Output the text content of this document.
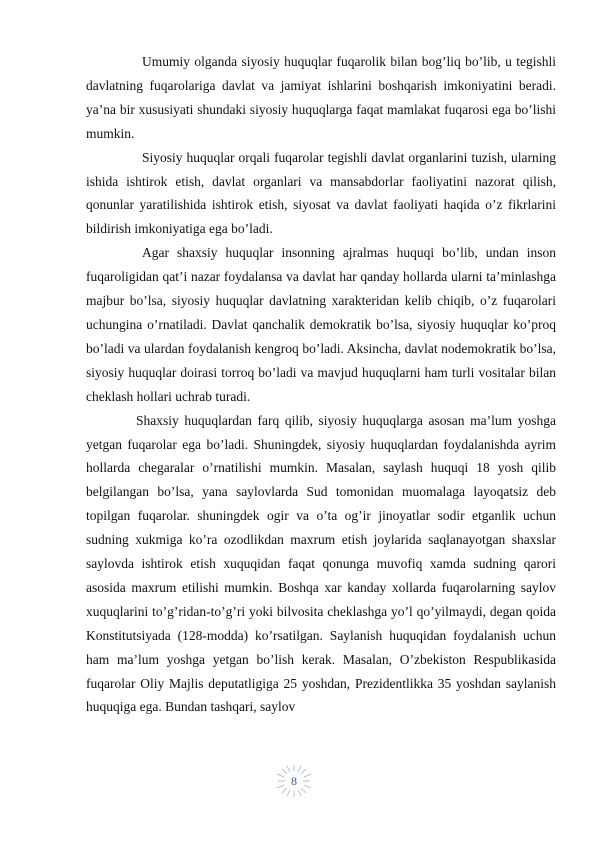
Umumiy olganda siyosiy huquqlar fuqarolik bilan bog’liq bo’lib, u tegishli davlatning fuqarolariga davlat va jamiyat ishlarini boshqarish imkoniyatini beradi. ya’na bir xususiyati shundaki siyosiy huquqlarga faqat mamlakat fuqarosi ega bo’lishi mumkin.

Siyosiy huquqlar orqali fuqarolar tegishli davlat organlarini tuzish, ularning ishida ishtirok etish, davlat organlari va mansabdorlar faoliyatini nazorat qilish, qonunlar yaratilishida ishtirok etish, siyosat va davlat faoliyati haqida o’z fikrlarini bildirish imkoniyatiga ega bo’ladi.

Agar shaxsiy huquqlar insonning ajralmas huquqi bo’lib, undan inson fuqaroligidan qat’i nazar foydalansa va davlat har qanday hollarda ularni ta’minlashga majbur bo’lsa, siyosiy huquqlar davlatning xarakteridan kelib chiqib, o’z fuqarolari uchungina o’rnatiladi. Davlat qanchalik demokratik bo’lsa, siyosiy huquqlar ko’proq bo’ladi va ulardan foydalanish kengroq bo’ladi. Aksincha, davlat nodemokratik bo’lsa, siyosiy huquqlar doirasi torroq bo’ladi va mavjud huquqlarni ham turli vositalar bilan cheklash hollari uchrab turadi.

Shaxsiy huquqlardan farq qilib, siyosiy huquqlarga asosan ma’lum yoshga yetgan fuqarolar ega bo’ladi. Shuningdek, siyosiy huquqlardan foydalanishda ayrim hollarda chegaralar o’rnatilishi mumkin. Masalan, saylash huquqi 18 yosh qilib belgilangan bo’lsa, yana saylovlarda Sud tomonidan muomalaga layoqatsiz deb topilgan fuqarolar. shuningdek ogir va o’ta og’ir jinoyatlar sodir etganlik uchun sudning xukmiga ko’ra ozodlikdan maxrum etish joylarida saqlanayotgan shaxslar saylovda ishtirok etish xuquqidan faqat qonunga muvofiq xamda sudning qarori asosida maxrum etilishi mumkin. Boshqa xar kanday xollarda fuqarolarning saylov xuquqlarini to’g’ridan-to’g’ri yoki bilvosita cheklashga yo’l qo’yilmaydi, degan qoida Konstitutsiyada (128-modda) ko’rsatilgan. Saylanish huquqidan foydalanish uchun ham ma’lum yoshga yetgan bo’lish kerak. Masalan, O’zbekiston Respublikasida fuqarolar Oliy Majlis deputatligiga 25 yoshdan, Prezidentlikka 35 yoshdan saylanish huquqiga ega. Bundan tashqari, saylov

8
